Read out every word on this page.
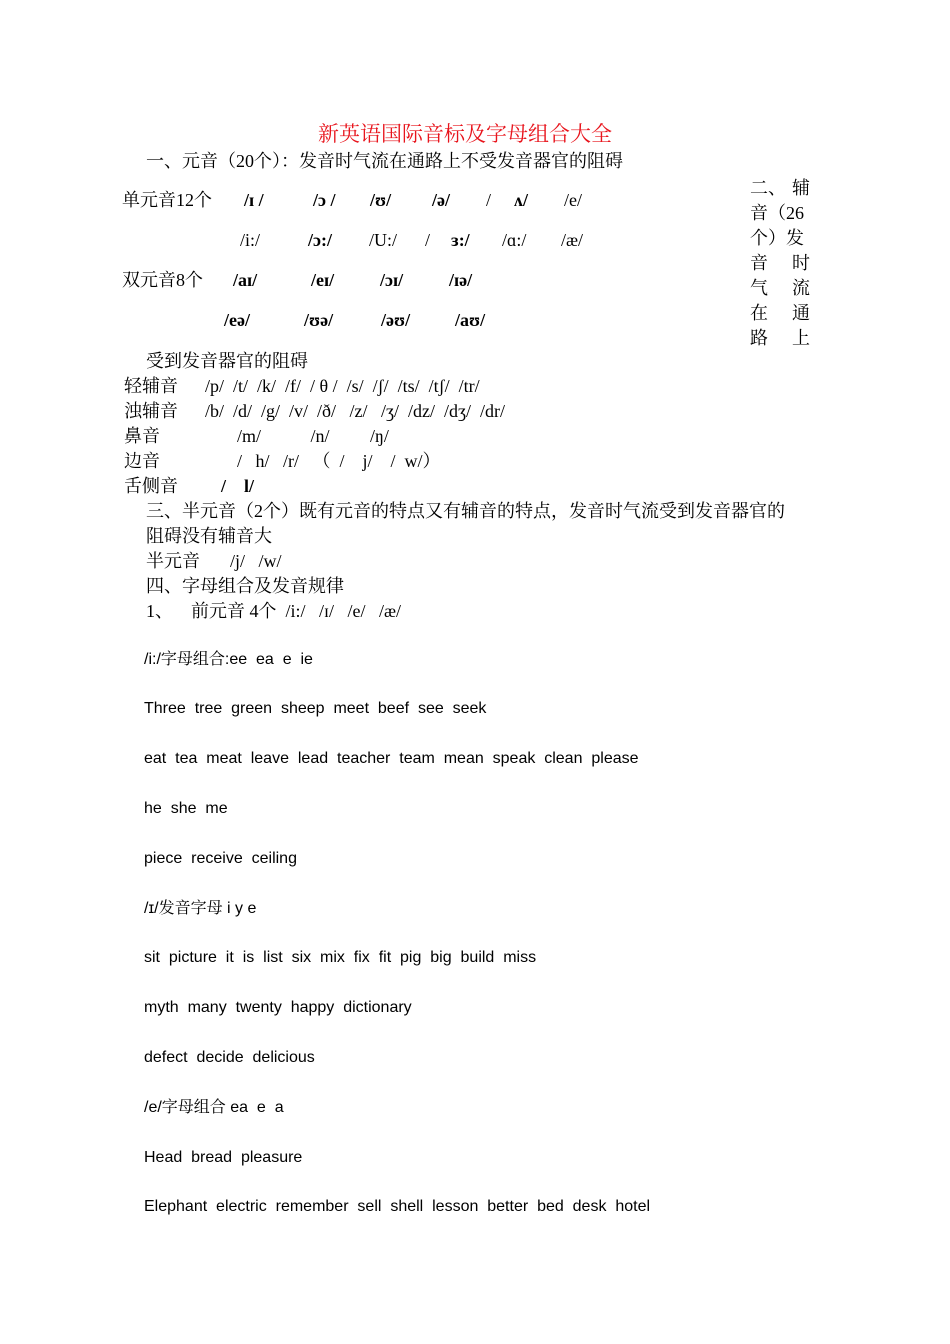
新英语国际音标及字母组合大全
一、元音（20个）：发音时气流在通路上不受发音器官的阻碍
单元音12个 /ɪ /	/ɔ / /ʊ/ /ə/ / ʌ/ /e/
/i:/	/ɔ:/ /U:/ / ɜ:/ /ɑ:/ /æ/
双元音8个 /aɪ/	/eɪ/	/ɔɪ/	/ɪə/
/eə/	/ʊə/	/əʊ/ /aʊ/
二、 辅
音（26
个）发
音 时
气 流
在 通
路 上
受到发音器官的阻碍
轻辅音 /p/  /t/  /k/  /f/  / θ /  /s/  /ʃ/  /ts/  /tʃ/  /tr/
浊辅音 /b/  /d/  /g/  /v/  /ð/   /z/   /ʒ/  /dz/  /dʒ/  /dr/
鼻音	/m/           /n/         /ŋ/
边音	/   h/   /r/   （  /    j/    /  w/）
舌侧音 /    l/
三、半元音（2个）既有元音的特点又有辅音的特点，发音时气流受到发音器官的
阻碍没有辅音大
半元音 /j/   /w/
四、字母组合及发音规律
1、    前元音 4个  /i:/   /ɪ/   /e/   /æ/
/i:/字母组合:ee  ea  e  ie
Three  tree  green  sheep  meet  beef  see  seek
eat  tea  meat  leave  lead  teacher  team  mean  speak  clean  please
he  she  me
piece  receive  ceiling
/ɪ/发音字母 i y e
sit  picture  it  is  list  six  mix  fix  fit  pig  big  build  miss
myth  many  twenty  happy  dictionary
defect  decide  delicious
/e/字母组合 ea  e  a
Head  bread  pleasure
Elephant  electric  remember  sell  shell  lesson  better  bed  desk  hotel
